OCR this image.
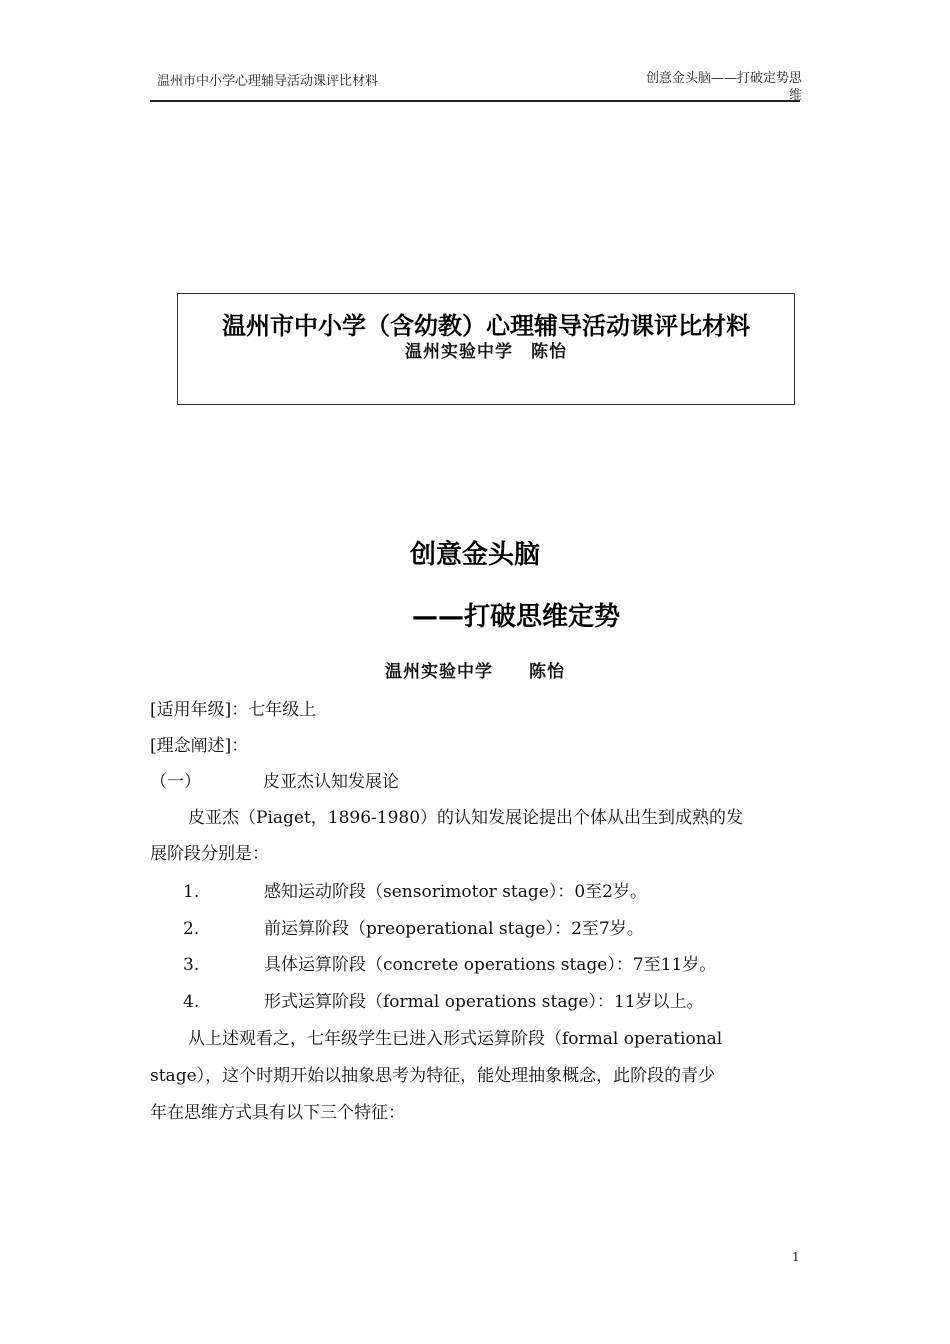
温州市中小学心理辅导活动课评比材料	创意金头脑——打破定势思
维
温州市中小学（含幼教）心理辅导活动课评比材料
温州实验中学　陈怡
创意金头脑
——打破思维定势
温州实验中学　　陈怡
[适用年级]：七年级上
[理念阐述]：
（一）	皮亚杰认知发展论
皮亚杰（Piaget，1896-1980）的认知发展论提出个体从出生到成熟的发
展阶段分别是：
1.	感知运动阶段（sensorimotor stage）：0至2岁。
2.	前运算阶段（preoperational stage）：2至7岁。
3.	具体运算阶段（concrete operations stage）：7至11岁。
4.	形式运算阶段（formal operations stage）：11岁以上。
从上述观看之，七年级学生已进入形式运算阶段（formal operational
stage），这个时期开始以抽象思考为特征，能处理抽象概念，此阶段的青少
年在思维方式具有以下三个特征：
1
